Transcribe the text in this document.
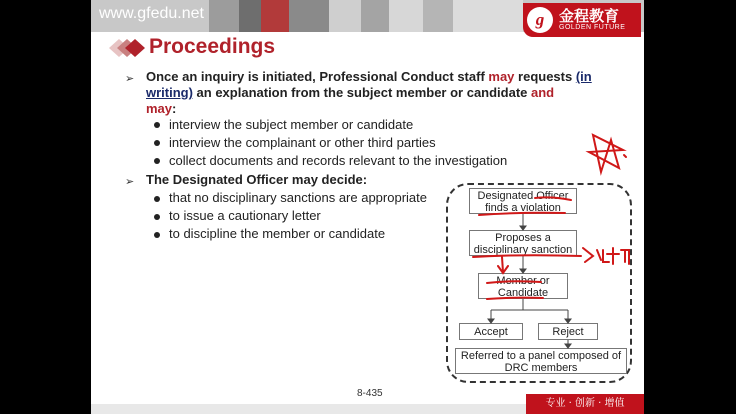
www.gfedu.net	g 金程教育
GOLDEN FUTURE
Proceedings
➢ Once an inquiry is initiated, Professional Conduct staff may requests (in writing) an explanation from the subject member or candidate and
may:
interview the subject member or candidate
interview the complainant or other third parties
collect documents and records relevant to the investigation
➢ The Designated Officer may decide:
that no disciplinary sanctions are appropriate
to issue a cautionary letter
to discipline the member or candidate
Designated Officer finds a violation
Proposes a disciplinary sanction
Member or Candidate
Accept	Reject
Referred to a panel composed of DRC members
8-435
专业 · 创新 · 增值
